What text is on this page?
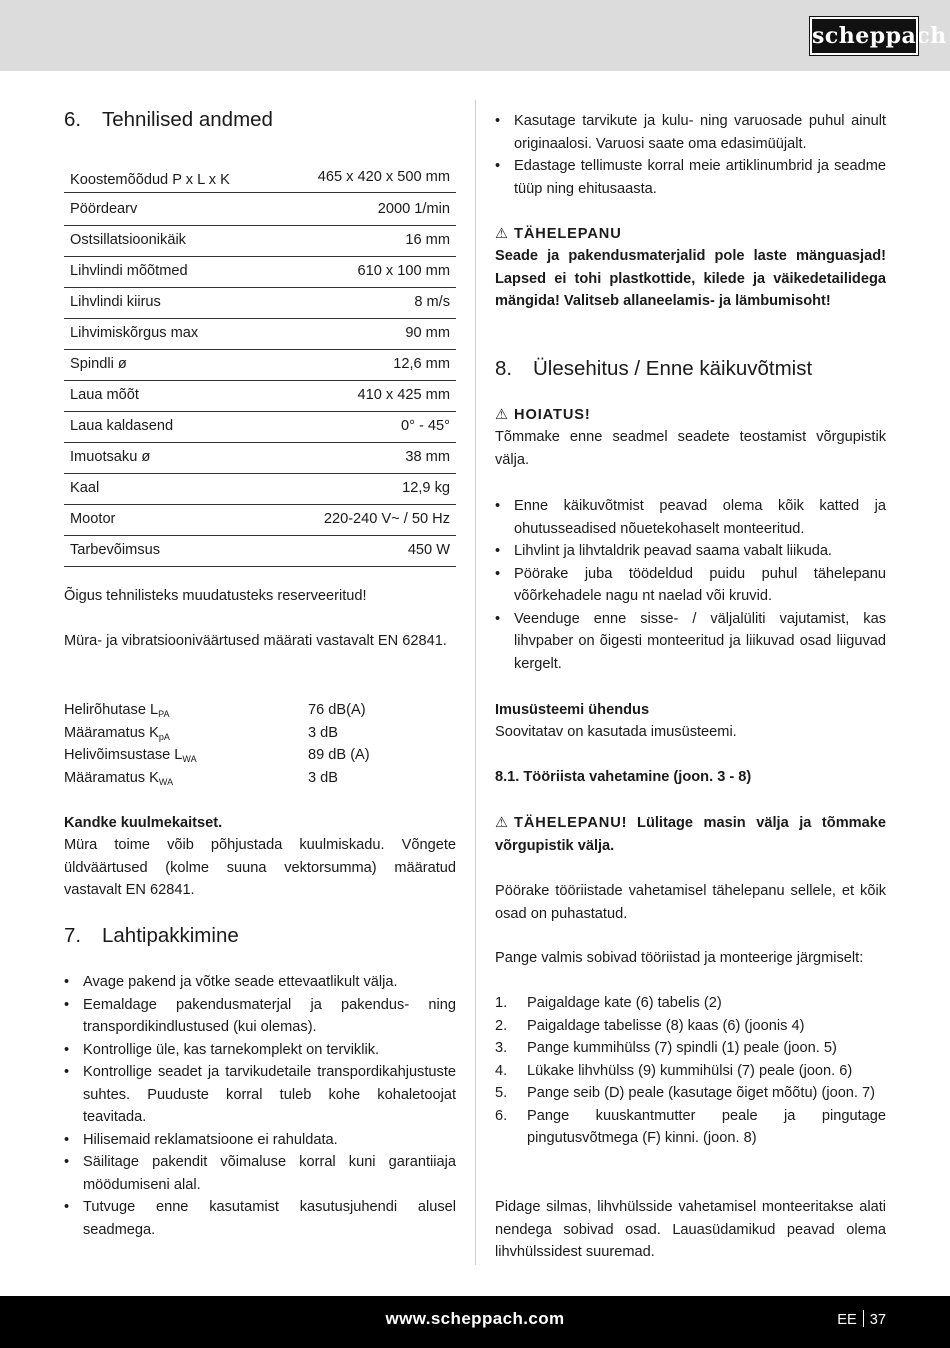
scheppach
6. Tehnilised andmed
Koostemõõdud P x L x K	465 x 420 x 500 mm
Pöördearv	2000 1/min
Ostsillatsioonikäik	16 mm
Lihvlindi mõõtmed	610 x 100 mm
Lihvlindi kiirus	8 m/s
Lihvimiskõrgus max	90 mm
Spindli ø	12,6 mm
Laua mõõt	410 x 425 mm
Laua kaldasend	0° - 45°
Imuotsaku ø	38 mm
Kaal	12,9 kg
Mootor	220-240 V~ / 50 Hz
Tarbevõimsus	450 W
Õigus tehnilisteks muudatusteks reserveeritud!
Müra- ja vibratsiooniväärtused määrati vastavalt EN 62841.
Helirõhutase $L_{PA}$	76 dB(A)
Määramatus $K_{pA}$	3 dB
Helivõimsustase $L_{WA}$	89 dB (A)
Määramatus $K_{WA}$	3 dB
Kandke kuulmekaitset.
Müra toime võib põhjustada kuulmiskadu. Võngete üldväärtused (kolme suuna vektorsumma) määratud vastavalt EN 62841.
7. Lahtipakkimine
• Avage pakend ja võtke seade ettevaatlikult välja.
• Eemaldage pakendusmaterjal ja pakendus- ning transpordikindlustused (kui olemas).
• Kontrollige üle, kas tarnekomplekt on terviklik.
• Kontrollige seadet ja tarvikudetaile transpordikahjustuste suhtes. Puuduste korral tuleb kohe kohaletoojat teavitada.
• Hilisemaid reklamatsioone ei rahuldata.
• Säilitage pakendit võimaluse korral kuni garantiiaja möödumiseni alal.
• Tutvuge enne kasutamist kasutusjuhendi alusel seadmega.
• Kasutage tarvikute ja kulu- ning varuosade puhul ainult originaalosi. Varuosi saate oma edasimüüjalt.
• Edastage tellimuste korral meie artiklinumbrid ja seadme tüüp ning ehitusaasta.
⚠ TÄHELEPANU
Seade ja pakendusmaterjalid pole laste mänguasjad! Lapsed ei tohi plastkottide, kilede ja väikedetailidega mängida! Valitseb allaneelamis- ja lämbumisoht!
8. Ülesehitus / Enne käikuvõtmist
⚠ HOIATUS!
Tõmmake enne seadmel seadete teostamist võrgupistik välja.
• Enne käikuvõtmist peavad olema kõik katted ja ohutusseadised nõuetekohaselt monteeritud.
• Lihvlint ja lihvtaldrik peavad saama vabalt liikuda.
• Pöörake juba töödeldud puidu puhul tähelepanu võõrkehadele nagu nt naelad või kruvid.
• Veenduge enne sisse- / väljalüliti vajutamist, kas lihvpaber on õigesti monteeritud ja liikuvad osad liiguvad kergelt.
Imusüsteemi ühendus
Soovitatav on kasutada imusüsteemi.
8.1. Tööriista vahetamine (joon. 3 - 8)
⚠ TÄHELEPANU! Lülitage masin välja ja tõmmake võrgupistik välja.
Pöörake tööriistade vahetamisel tähelepanu sellele, et kõik osad on puhastatud.
Pange valmis sobivad tööriistad ja monteerige järgmiselt:
1. Paigaldage kate (6) tabelis (2)
2. Paigaldage tabelisse (8) kaas (6) (joonis 4)
3. Pange kummihülss (7) spindli (1) peale (joon. 5)
4. Lükake lihvhülss (9) kummihülsi (7) peale (joon. 6)
5. Pange seib (D) peale (kasutage õiget mõõtu) (joon. 7)
6. Pange kuuskantmutter peale ja pingutage pingutusvõtmega (F) kinni. (joon. 8)
Pidage silmas, lihvhülsside vahetamisel monteeritakse alati nendega sobivad osad. Lauasüdamikud peavad olema lihvhülssidest suuremad.
www.scheppach.com	EE 37
